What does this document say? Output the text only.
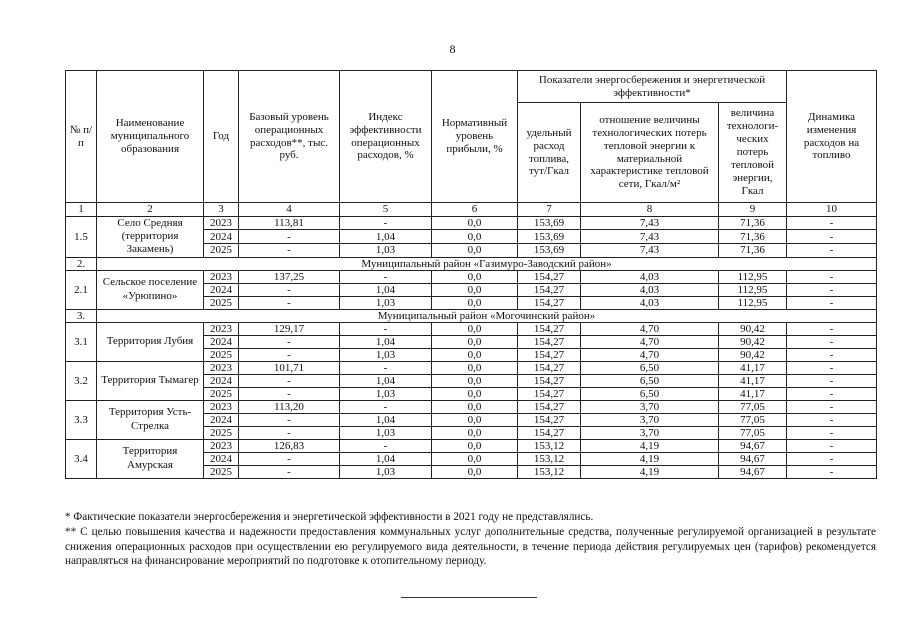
8
№ п/п	Наименование муниципального образования	Год	Базовый уровень операционных расходов**, тыс. руб.	Индекс эффективности операционных расходов, %	Нормативный уровень прибыли, %	Показатели энергосбережения и энергетической эффективности*			Динамика изменения расходов на топливо
						удельный расход топлива, тут/Гкал	отношение величины технологических потерь тепловой энергии к материальной характеристике тепловой сети, Гкал/м²	величина технологи-ческих потерь тепловой энергии, Гкал	
1	2	3	4	5	6	7	8	9	10
1.5	Село Средняя (территория Закамень)	2023	113,81	-	0,0	153,69	7,43	71,36	-
		2024	-	1,04	0,0	153,69	7,43	71,36	-
		2025	-	1,03	0,0	153,69	7,43	71,36	-
2.	Муниципальный район «Газимуро-Заводский район»								
2.1	Сельское поселение «Урюпино»	2023	137,25	-	0,0	154,27	4,03	112,95	-
		2024	-	1,04	0,0	154,27	4,03	112,95	-
		2025	-	1,03	0,0	154,27	4,03	112,95	-
3.	Муниципальный район «Могочинский район»								
3.1	Территория Лубия	2023	129,17	-	0,0	154,27	4,70	90,42	-
		2024	-	1,04	0,0	154,27	4,70	90,42	-
		2025	-	1,03	0,0	154,27	4,70	90,42	-
3.2	Территория Тымагер	2023	101,71	-	0,0	154,27	6,50	41,17	-
		2024	-	1,04	0,0	154,27	6,50	41,17	-
		2025	-	1,03	0,0	154,27	6,50	41,17	-
3.3	Территория Усть-Стрелка	2023	113,20	-	0,0	154,27	3,70	77,05	-
		2024	-	1,04	0,0	154,27	3,70	77,05	-
		2025	-	1,03	0,0	154,27	3,70	77,05	-
3.4	Территория Амурская	2023	126,83	-	0,0	153,12	4,19	94,67	-
		2024	-	1,04	0,0	153,12	4,19	94,67	-
		2025	-	1,03	0,0	153,12	4,19	94,67	-

* Фактические показатели энергосбережения и энергетической эффективности в 2021 году не представлялись.

** С целью повышения качества и надежности предоставления коммунальных услуг дополнительные средства, полученные регулируемой организацией в результате снижения операционных расходов при осуществлении ею регулируемого вида деятельности, в течение периода действия регулируемых цен (тарифов) рекомендуется направляться на финансирование мероприятий по подготовке к отопительному периоду.
